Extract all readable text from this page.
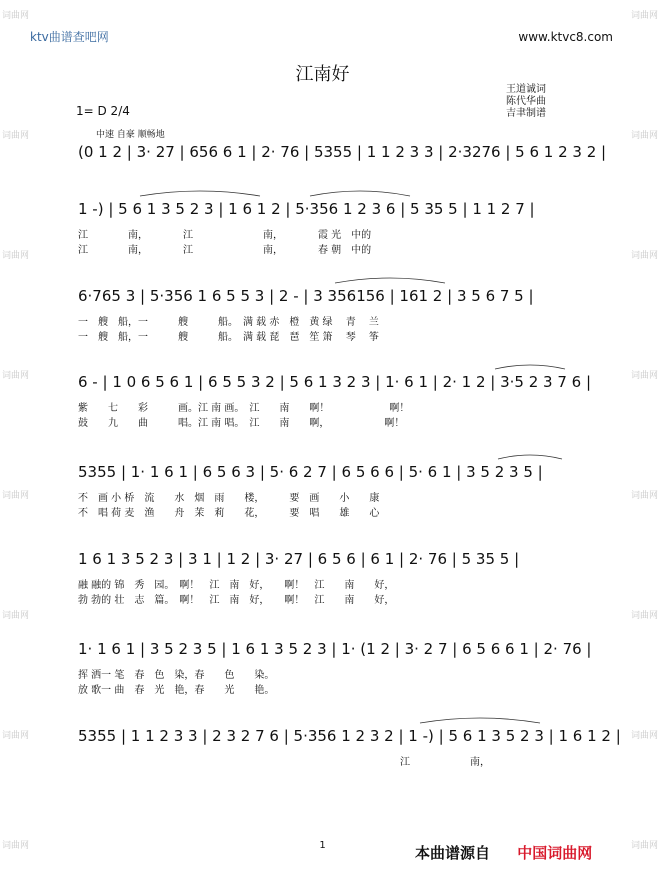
ktv曲谱查吧网	www.ktvc8.com
江南好
王道诚词
陈代华曲
吉聿制谱
1= D 2/4
中速 自豪 顺畅地
词曲网
词曲网
词曲网
词曲网
词曲网
词曲网
词曲网
词曲网
词曲网
词曲网
词曲网
词曲网
词曲网
词曲网
词曲网
词曲网
(0 1 2 | 3· 27 | 656 6 1 | 2· 76 | 5355 | 1 1 2 3 3 | 2·3276 | 5 6 1 2 3 2 |
1 -) | 5 6 1 3 5 2 3 | 1 6 1 2 | 5·356 1 2 3 6 | 5 35 5 | 1 1 2 7 |
江　　　　南，　　　　江　　　　　　　南，　　　　霞 光　中的
江　　　　南，　　　　江　　　　　　　南，　　　　春 朝　中的
6·765 3 | 5·356 1 6 5 5 3 | 2 - | 3 356156 | 161 2 | 3 5 6 7 5 |
一　艘　船，一　　　艘　　　船。　满 载 赤　橙　黄 绿　 青　 兰
一　艘　船，一　　　艘　　　船。　满 载 琵　琶　笙 箫　 琴　 筝
6 - | 1 0 6 5 6 1 | 6 5 5 3 2 | 5 6 1 3 2 3 | 1· 6 1 | 2· 1 2 | 3·5 2 3 7 6 |
紫　　七　　彩　　　画。江 南 画。　江　　南　　啊！　　　　　　啊！
鼓　　九　　曲　　　唱。江 南 唱。　江　　南　　啊，　　　　　　啊！
5355 | 1· 1 6 1 | 6 5 6 3 | 5· 6 2 7 | 6 5 6 6 | 5· 6 1 | 3 5 2 3 5 |
不　画 小 桥　流　　水　烟　雨　　楼，　　　要　画　　小　　康
不　唱 荷 麦　渔　　舟　茉　莉　　花，　　　要　唱　　雄　　心
1 6 1 3 5 2 3 | 3 1 | 1 2 | 3· 27 | 6 5 6 | 6 1 | 2· 76 | 5 35 5 |
融 融的 锦　秀　园。　啊！　江　南　好，　　啊！　江　　南　　好，
勃 勃的 壮　志　篇。　啊！　江　南　好，　　啊！　江　　南　　好，
1· 1 6 1 | 3 5 2 3 5 | 1 6 1 3 5 2 3 | 1· (1 2 | 3· 2 7 | 6 5 6 6 1 | 2· 76 |
挥 洒一 笔　春　色　染，春　　色　　染。
放 歌一 曲　春　光　艳，春　　光　　艳。
5355 | 1 1 2 3 3 | 2 3 2 7 6 | 5·356 1 2 3 2 | 1 -) | 5 6 1 3 5 2 3 | 1 6 1 2 |
江　　　　　　南，
1	本曲谱源自 中国词曲网
